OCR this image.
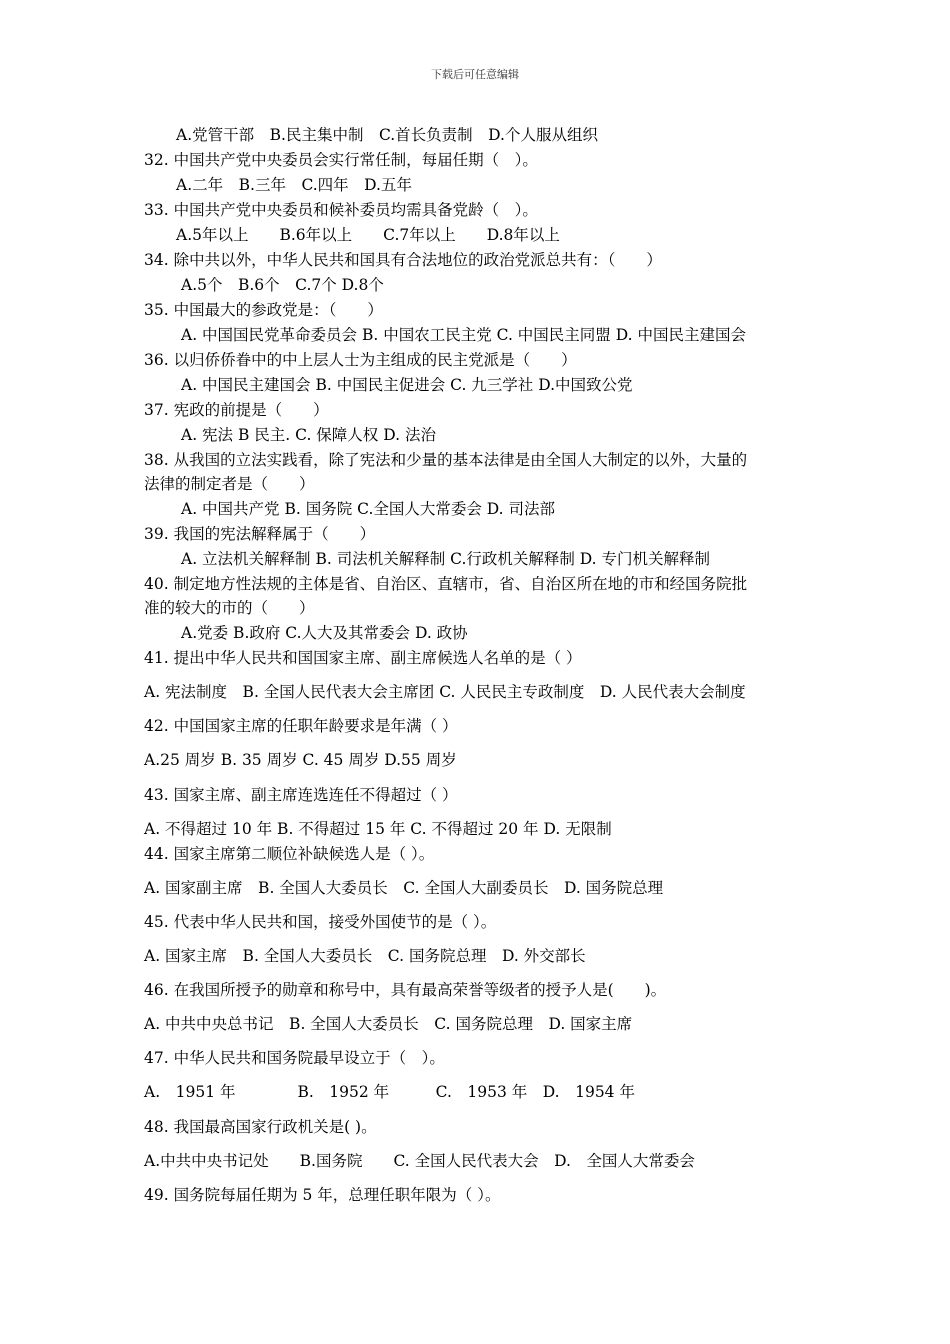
下载后可任意编辑
A.党管干部　B.民主集中制　C.首长负责制　D.个人服从组织
32. 中国共产党中央委员会实行常任制，每届任期（　）。
A.二年　B.三年　C.四年　D.五年
33. 中国共产党中央委员和候补委员均需具备党龄（　）。
A.5年以上　　B.6年以上　　C.7年以上　　D.8年以上
34. 除中共以外，中华人民共和国具有合法地位的政治党派总共有：（　　）
A.5个　B.6个　C.7个 D.8个
35. 中国最大的参政党是：（　　）
A. 中国国民党革命委员会 B. 中国农工民主党 C. 中国民主同盟 D. 中国民主建国会
36. 以归侨侨眷中的中上层人士为主组成的民主党派是（　　）
A. 中国民主建国会 B. 中国民主促进会 C. 九三学社 D.中国致公党
37. 宪政的前提是（　　）
A. 宪法 B 民主. C. 保障人权 D. 法治
38. 从我国的立法实践看，除了宪法和少量的基本法律是由全国人大制定的以外，大量的
法律的制定者是（　　）
A. 中国共产党 B. 国务院 C.全国人大常委会 D. 司法部
39. 我国的宪法解释属于（　　）
A. 立法机关解释制 B. 司法机关解释制 C.行政机关解释制 D. 专门机关解释制
40. 制定地方性法规的主体是省、自治区、直辖市，省、自治区所在地的市和经国务院批
准的较大的市的（　　）
A.党委 B.政府 C.人大及其常委会 D. 政协
41. 提出中华人民共和国国家主席、副主席候选人名单的是（ ）
A. 宪法制度　B. 全国人民代表大会主席团 C. 人民民主专政制度　D. 人民代表大会制度
42. 中国国家主席的任职年龄要求是年满（ ）
A.25 周岁 B. 35 周岁 C. 45 周岁 D.55 周岁
43. 国家主席、副主席连选连任不得超过（ ）
A. 不得超过 10 年 B. 不得超过 15 年 C. 不得超过 20 年 D. 无限制
44. 国家主席第二顺位补缺候选人是（ ）。
A. 国家副主席　B. 全国人大委员长　C. 全国人大副委员长　D. 国务院总理
45. 代表中华人民共和国，接受外国使节的是（ ）。
A. 国家主席　B. 全国人大委员长　C. 国务院总理　D. 外交部长
46. 在我国所授予的勋章和称号中，具有最高荣誉等级者的授予人是(　　)。
A. 中共中央总书记　B. 全国人大委员长　C. 国务院总理　D. 国家主席
47. 中华人民共和国务院最早设立于（　）。
A.　1951 年　　　　B.　1952 年　　　C.　1953 年　D.　1954 年
48. 我国最高国家行政机关是( )。
A.中共中央书记处　　B.国务院　　C. 全国人民代表大会　D.　全国人大常委会
49. 国务院每届任期为 5 年，总理任职年限为（ ）。
